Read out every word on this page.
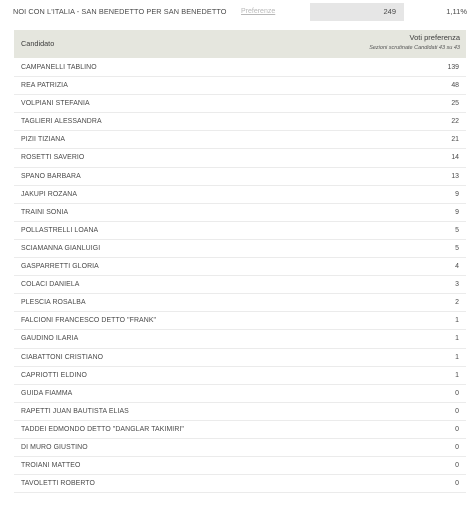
NOI CON L'ITALIA - SAN BENEDETTO PER SAN BENEDETTO	Preferenze	249	1,11%
Candidato
Voti preferenza
Sezioni scrutinate Candidati 43 su 43
CAMPANELLI TABLINO	139
REA PATRIZIA	48
VOLPIANI STEFANIA	25
TAGLIERI ALESSANDRA	22
PIZII TIZIANA	21
ROSETTI SAVERIO	14
SPANO BARBARA	13
JAKUPI ROZANA	9
TRAINI SONIA	9
POLLASTRELLI LOANA	5
SCIAMANNA GIANLUIGI	5
GASPARRETTI GLORIA	4
COLACI DANIELA	3
PLESCIA ROSALBA	2
FALCIONI FRANCESCO DETTO "FRANK"	1
GAUDINO ILARIA	1
CIABATTONI CRISTIANO	1
CAPRIOTTI ELDINO	1
GUIDA FIAMMA	0
RAPETTI JUAN BAUTISTA ELIAS	0
TADDEI EDMONDO DETTO "DANGLAR TAKIMIRI"	0
DI MURO GIUSTINO	0
TROIANI MATTEO	0
TAVOLETTI ROBERTO	0
